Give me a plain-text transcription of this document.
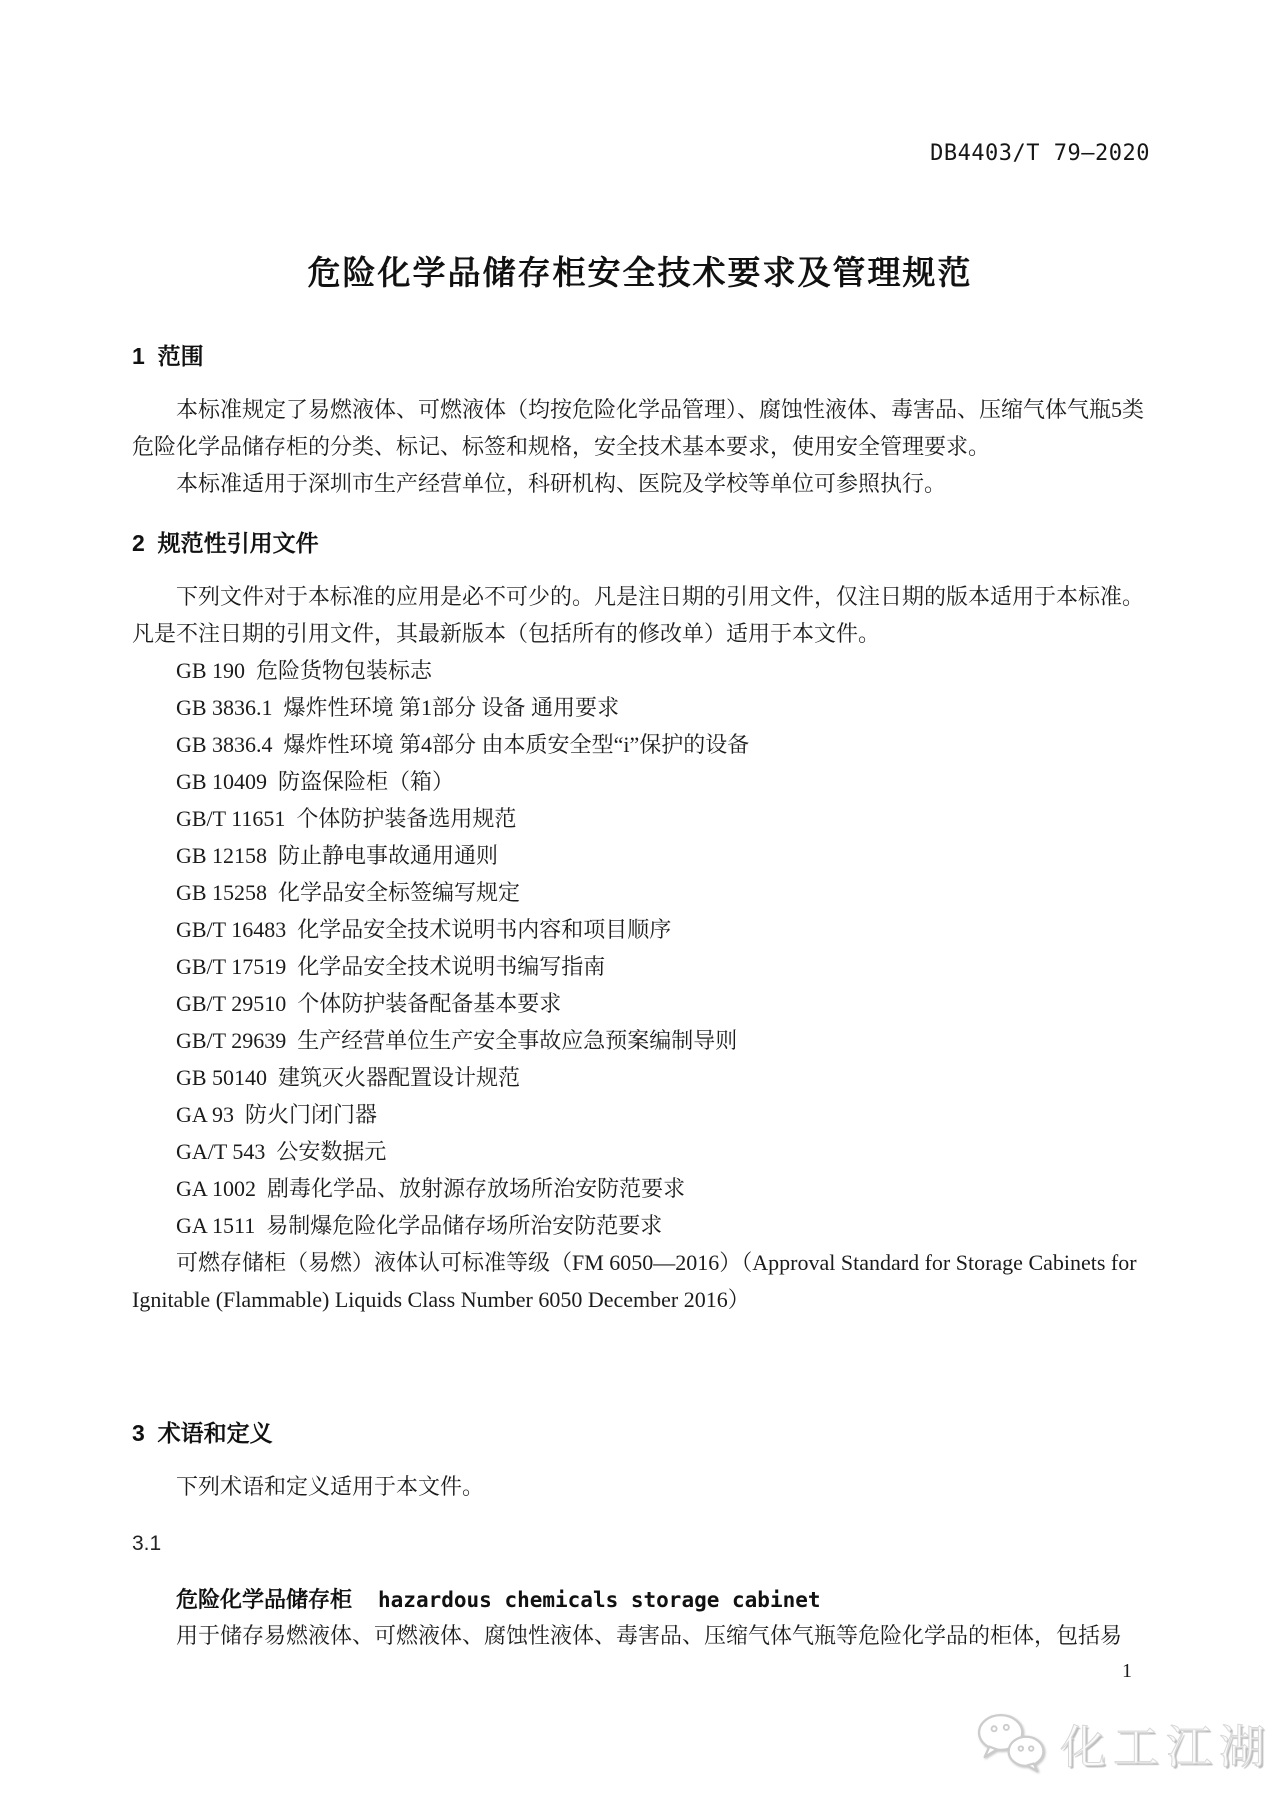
DB4403/T 79—2020
危险化学品储存柜安全技术要求及管理规范
1  范围

本标准规定了易燃液体、可燃液体（均按危险化学品管理）、腐蚀性液体、毒害品、压缩气体气瓶5类危险化学品储存柜的分类、标记、标签和规格，安全技术基本要求，使用安全管理要求。

本标准适用于深圳市生产经营单位，科研机构、医院及学校等单位可参照执行。

2  规范性引用文件

下列文件对于本标准的应用是必不可少的。凡是注日期的引用文件，仅注日期的版本适用于本标准。凡是不注日期的引用文件，其最新版本（包括所有的修改单）适用于本文件。

GB 190  危险货物包装标志
GB 3836.1  爆炸性环境 第1部分 设备 通用要求
GB 3836.4  爆炸性环境 第4部分 由本质安全型“i”保护的设备
GB 10409  防盗保险柜（箱）
GB/T 11651  个体防护装备选用规范
GB 12158  防止静电事故通用通则
GB 15258  化学品安全标签编写规定
GB/T 16483  化学品安全技术说明书内容和项目顺序
GB/T 17519  化学品安全技术说明书编写指南
GB/T 29510  个体防护装备配备基本要求
GB/T 29639  生产经营单位生产安全事故应急预案编制导则
GB 50140  建筑灭火器配置设计规范
GA 93  防火门闭门器
GA/T 543  公安数据元
GA 1002  剧毒化学品、放射源存放场所治安防范要求
GA 1511  易制爆危险化学品储存场所治安防范要求

可燃存储柜（易燃）液体认可标准等级（FM 6050—2016）（Approval Standard for Storage Cabinets for Ignitable (Flammable) Liquids Class Number 6050 December 2016）

3  术语和定义

下列术语和定义适用于本文件。

3.1

危险化学品储存柜 hazardous chemicals storage cabinet

用于储存易燃液体、可燃液体、腐蚀性液体、毒害品、压缩气体气瓶等危险化学品的柜体，包括易

1
化工江湖
